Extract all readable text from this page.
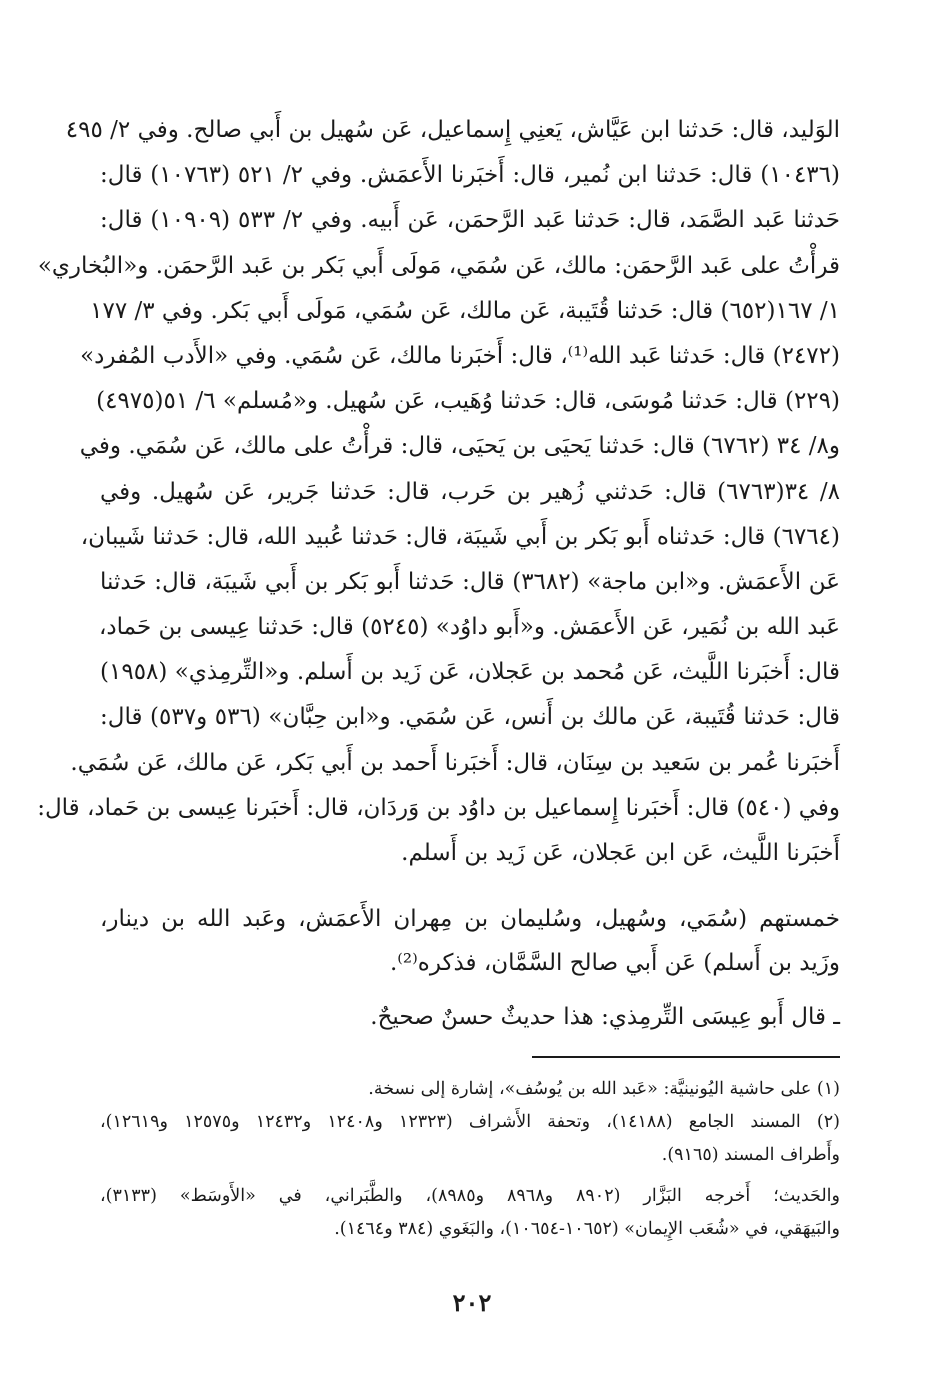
الوَليد، قال: حَدثنا ابن عَيَّاش، يَعنِي إِسماعيل، عَن سُهيل بن أَبي صالح. وفي ٢/ ٤٩٥
(١٠٤٣٦) قال: حَدثنا ابن نُمير، قال: أَخبَرنا الأَعمَش. وفي ٢/ ٥٢١ (١٠٧٦٣) قال:
حَدثنا عَبد الصَّمَد، قال: حَدثنا عَبد الرَّحمَن، عَن أَبيه. وفي ٢/ ٥٣٣ (١٠٩٠٩) قال:
قرأْتُ على عَبد الرَّحمَن: مالك، عَن سُمَي، مَولَى أَبي بَكر بن عَبد الرَّحمَن. و«البُخاري»
١/ ١٦٧(٦٥٢) قال: حَدثنا قُتَيبة، عَن مالك، عَن سُمَي، مَولَى أَبي بَكر. وفي ٣/ ١٧٧
(٢٤٧٢) قال: حَدثنا عَبد الله⁽¹⁾، قال: أَخبَرنا مالك، عَن سُمَي. وفي «الأَدب المُفرد»
(٢٢٩) قال: حَدثنا مُوسَى، قال: حَدثنا وُهَيب، عَن سُهيل. و«مُسلم» ٦/ ٥١(٤٩٧٥)
و٨/ ٣٤ (٦٧٦٢) قال: حَدثنا يَحيَى بن يَحيَى، قال: قرأْتُ على مالك، عَن سُمَي. وفي
٨/ ٣٤(٦٧٦٣) قال: حَدثني زُهير بن حَرب، قال: حَدثنا جَرير، عَن سُهيل. وفي
(٦٧٦٤) قال: حَدثناه أَبو بَكر بن أَبي شَيبَة، قال: حَدثنا عُبيد الله، قال: حَدثنا شَيبان،
عَن الأَعمَش. و«ابن ماجة» (٣٦٨٢) قال: حَدثنا أَبو بَكر بن أَبي شَيبَة، قال: حَدثنا
عَبد الله بن نُمَير، عَن الأَعمَش. و«أَبو داوُد» (٥٢٤٥) قال: حَدثنا عِيسى بن حَماد،
قال: أَخبَرنا اللَّيث، عَن مُحمد بن عَجلان، عَن زَيد بن أَسلم. و«التِّرمِذي» (١٩٥٨)
قال: حَدثنا قُتَيبة، عَن مالك بن أَنس، عَن سُمَي. و«ابن حِبَّان» (٥٣٦ و٥٣٧) قال:
أَخبَرنا عُمر بن سَعيد بن سِنَان، قال: أَخبَرنا أَحمد بن أَبي بَكر، عَن مالك، عَن سُمَي.
وفي (٥٤٠) قال: أَخبَرنا إِسماعيل بن داوُد بن وَردَان، قال: أَخبَرنا عِيسى بن حَماد، قال:
أَخبَرنا اللَّيث، عَن ابن عَجلان، عَن زَيد بن أَسلم.
خمستهم (سُمَي، وسُهيل، وسُليمان بن مِهران الأَعمَش، وعَبد الله بن دينار،
وزَيد بن أَسلم) عَن أَبي صالح السَّمَّان، فذكره⁽²⁾.
ـ قال أَبو عِيسَى التِّرمِذي: هذا حديثٌ حسنٌ صحيحٌ.
(١) على حاشية اليُونينيَّة: «عَبد الله بن يُوسُف»، إشارة إلى نسخة.
(٢) المسند الجامع (١٤١٨٨)، وتحفة الأَشراف (١٢٣٢٣ و١٢٤٠٨ و١٢٤٣٢ و١٢٥٧٥ و١٢٦١٩)،
وأَطراف المسند (٩١٦٥).
والحَديث؛ أَخرجه البَزَّار (٨٩٠٢ و٨٩٦٨ و٨٩٨٥)، والطَّبَراني، في «الأَوسَط» (٣١٣٣)،
والبَيهَقي، في «شُعَب الإِيمان» (١٠٦٥٢-١٠٦٥٤)، والبَغَوي (٣٨٤ و١٤٦٤).
٢٠٢
